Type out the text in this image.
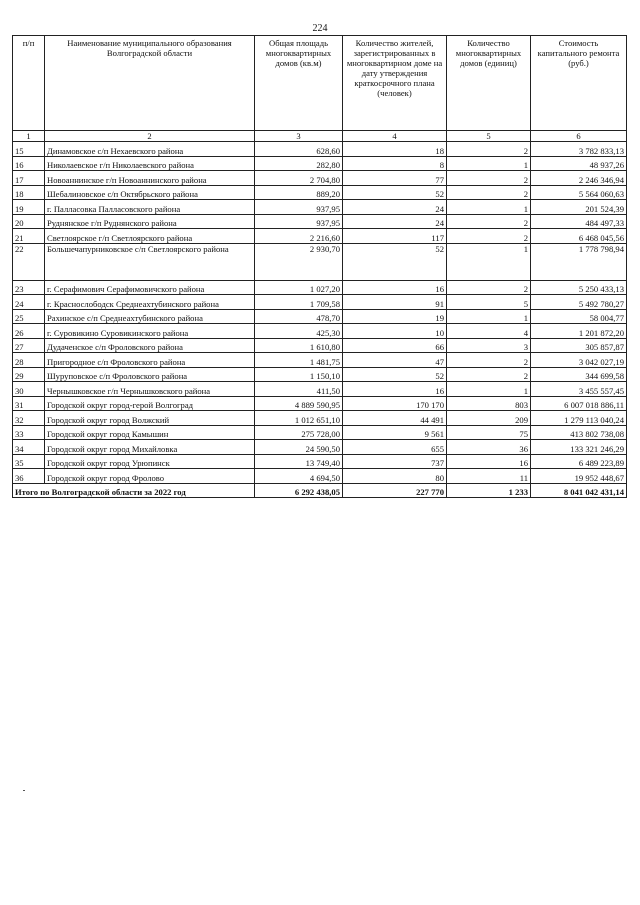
224
п/п	Наименование муниципального образования Волгоградской области	Общая площадь многоквартирных домов (кв.м)	Количество жителей, зарегистрированных в многоквартирном доме на дату утверждения краткосрочного плана (человек)	Количество многоквартирных домов (единиц)	Стоимость капитального ремонта (руб.)
1	2	3	4	5	6
15	Динамовское с/п Нехаевского района	628,60	18	2	3 782 833,13
16	Николаевское г/п Николаевского района	282,80	8	1	48 937,26
17	Новоаннинское г/п Новоаннинского района	2 704,80	77	2	2 246 346,94
18	Шебалиновское с/п Октябрьского района	889,20	52	2	5 564 060,63
19	г. Палласовка Палласовского района	937,95	24	1	201 524,39
20	Руднянское г/п Руднянского района	937,95	24	2	484 497,33
21	Светлоярское г/п Светлоярского района	2 216,60	117	2	6 468 045,56
22	Большечапурниковское с/п Светлоярского района	2 930,70	52	1	1 778 798,94
23	г. Серафимович Серафимовичского района	1 027,20	16	2	5 250 433,13
24	г. Краснослободск Среднеахтубинского района	1 709,58	91	5	5 492 780,27
25	Рахинское с/п Среднеахтубинского района	478,70	19	1	58 004,77
26	г. Суровикино Суровикинского района	425,30	10	4	1 201 872,20
27	Дудаченское с/п Фроловского района	1 610,80	66	3	305 857,87
28	Пригородное с/п Фроловского района	1 481,75	47	2	3 042 027,19
29	Шуруповское с/п Фроловского района	1 150,10	52	2	344 699,58
30	Чернышковское г/п Чернышковского района	411,50	16	1	3 455 557,45
31	Городской округ город-герой Волгоград	4 889 590,95	170 170	803	6 007 018 886,11
32	Городской округ город Волжский	1 012 651,10	44 491	209	1 279 113 040,24
33	Городской округ город Камышин	275 728,00	9 561	75	413 802 738,08
34	Городской округ город Михайловка	24 590,50	655	36	133 321 246,29
35	Городской округ город Урюпинск	13 749,40	737	16	6 489 223,89
36	Городской округ город Фролово	4 694,50	80	11	19 952 448,67
Итого по Волгоградской области за 2022 год		6 292 438,05	227 770	1 233	8 041 042 431,14
